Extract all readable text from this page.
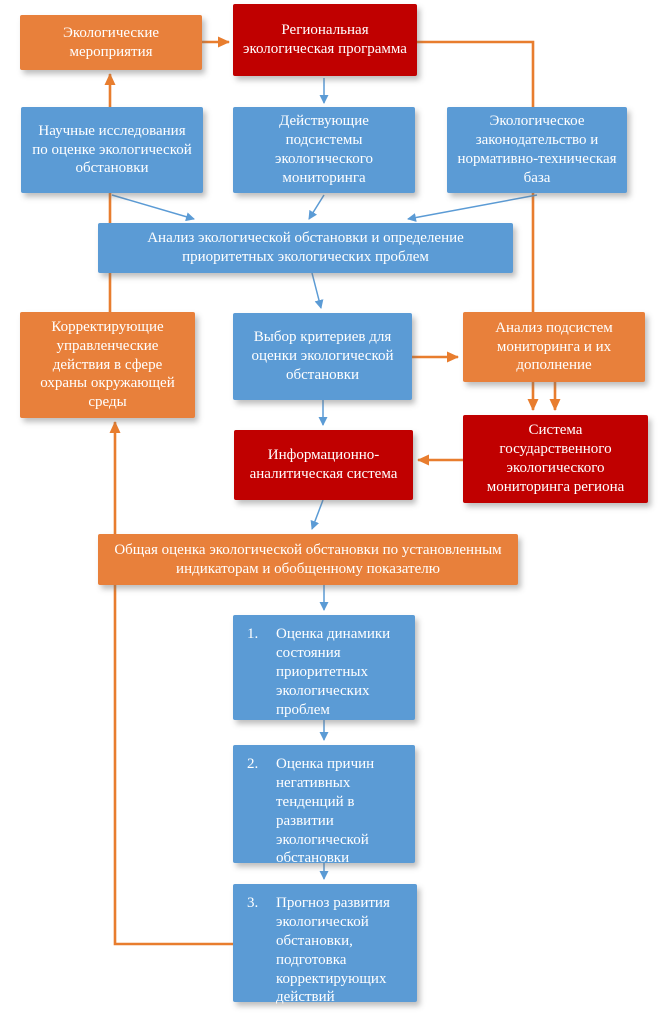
Экологические мероприятия
Региональная экологическая программа
Научные исследования по оценке экологической обстановки
Действующие подсистемы экологического мониторинга
Экологическое законодательство и нормативно-техническая база
Анализ экологической обстановки и определение приоритетных экологических проблем
Корректирующие управленческие действия в сфере охраны окружающей среды
Выбор критериев для оценки экологической обстановки
Анализ подсистем мониторинга и их дополнение
Система государственного экологического мониторинга региона
Информационно-аналитическая система
Общая оценка экологической обстановки по установленным индикаторам и обобщенному показателю
1.	Оценка динамики состояния приоритетных экологических проблем
2.	Оценка причин негативных тенденций в развитии экологической обстановки
3.	Прогноз развития экологической обстановки, подготовка корректирующих действий
